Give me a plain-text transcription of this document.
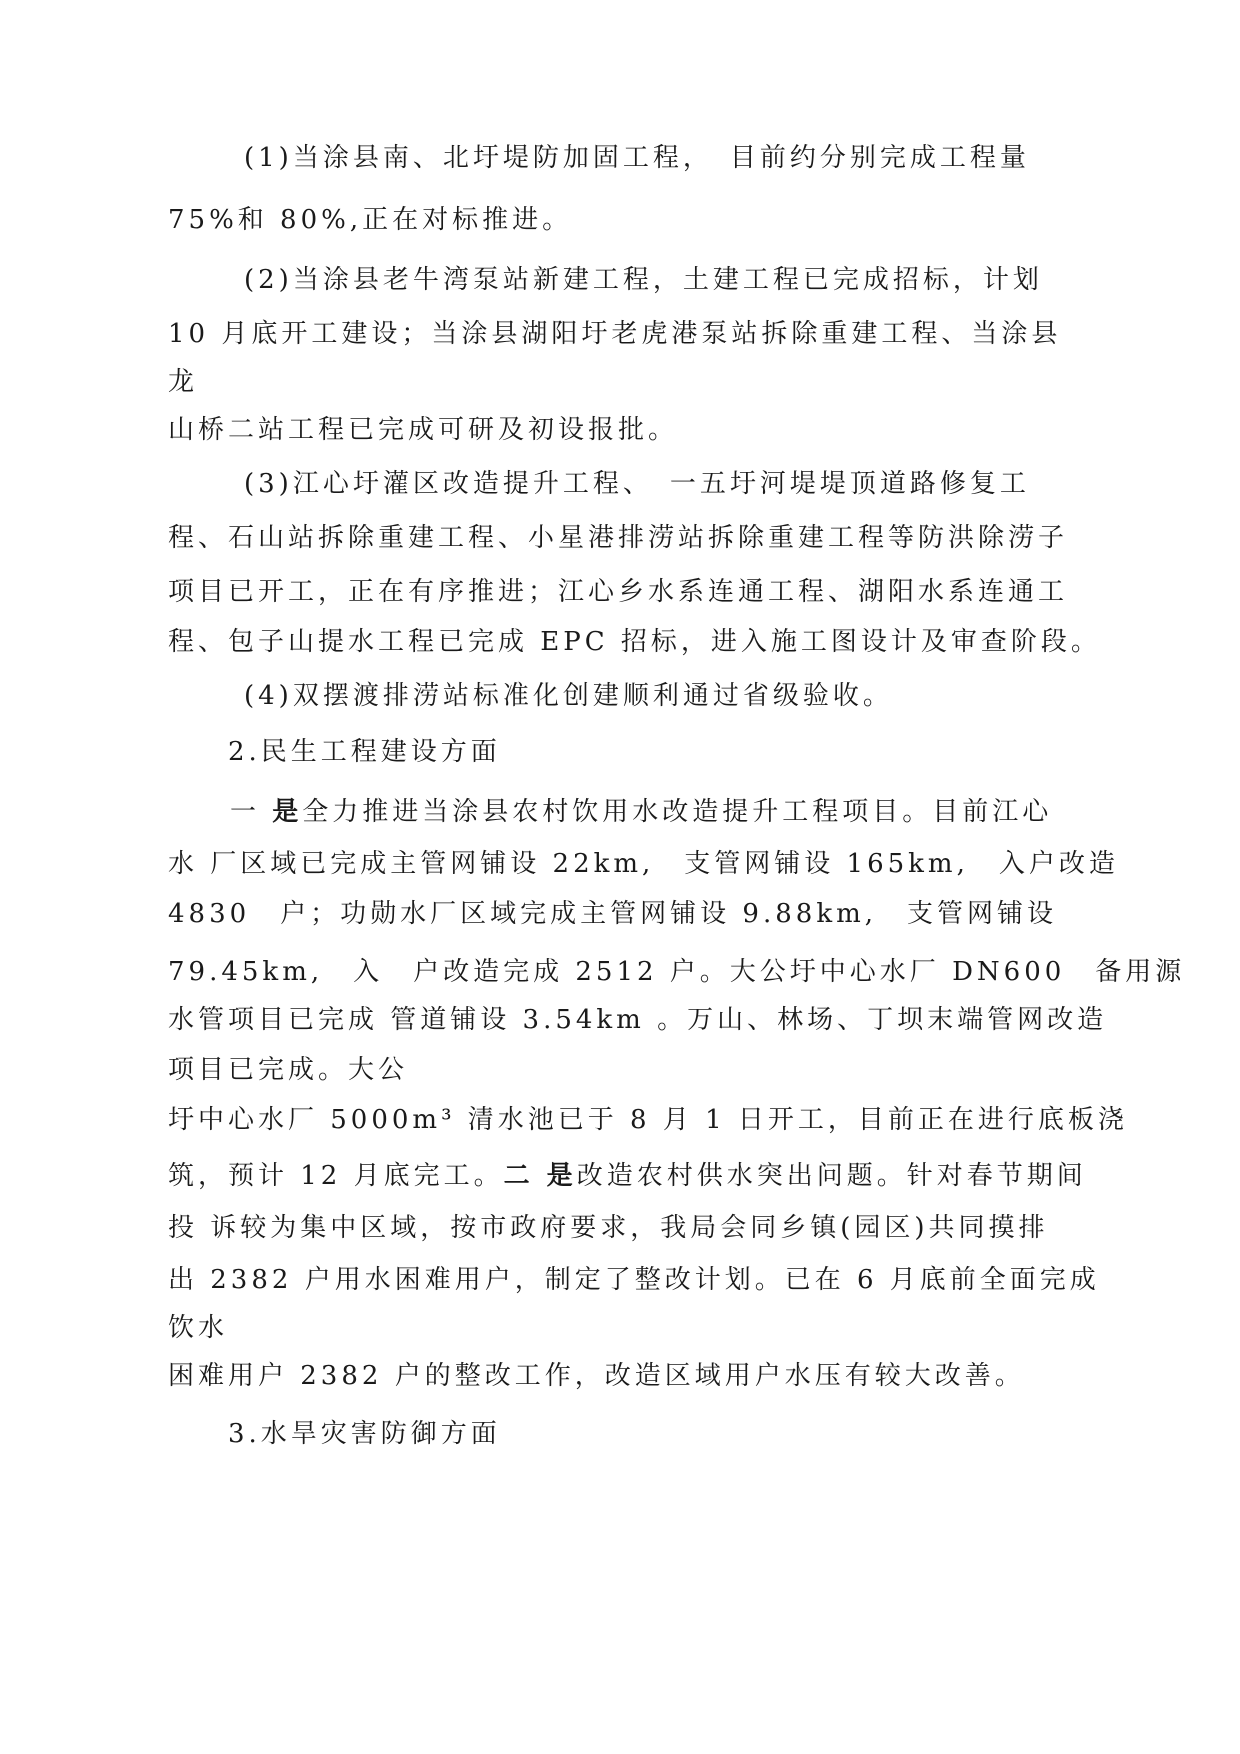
(1)当涂县南、北圩堤防加固工程，　目前约分别完成工程量

75%和 80%,正在对标推进。

(2)当涂县老牛湾泵站新建工程，土建工程已完成招标，计划

10 月底开工建设；当涂县湖阳圩老虎港泵站拆除重建工程、当涂县

龙

山桥二站工程已完成可研及初设报批。

(3)江心圩灌区改造提升工程、　一五圩河堤堤顶道路修复工

程、石山站拆除重建工程、小星港排涝站拆除重建工程等防洪除涝子

项目已开工，正在有序推进；江心乡水系连通工程、湖阳水系连通工

程、包子山提水工程已完成 EPC 招标，进入施工图设计及审查阶段。

(4)双摆渡排涝站标准化创建顺利通过省级验收。

2.民生工程建设方面

一 是全力推进当涂县农村饮用水改造提升工程项目。目前江心

水 厂区域已完成主管网铺设 22km,　支管网铺设 165km,　入户改造

4830　户；功勋水厂区域完成主管网铺设 9.88km,　支管网铺设

79.45km,　入　户改造完成 2512 户。大公圩中心水厂 DN600　备用源

水管项目已完成 管道铺设 3.54km 。万山、林场、丁坝末端管网改造

项目已完成。大公

圩中心水厂 5000m³ 清水池已于 8 月 1 日开工，目前正在进行底板浇

筑，预计 12 月底完工。二 是改造农村供水突出问题。针对春节期间

投 诉较为集中区域，按市政府要求，我局会同乡镇(园区)共同摸排

出 2382 户用水困难用户，制定了整改计划。已在 6 月底前全面完成

饮水

困难用户 2382 户的整改工作，改造区域用户水压有较大改善。

3.水旱灾害防御方面
